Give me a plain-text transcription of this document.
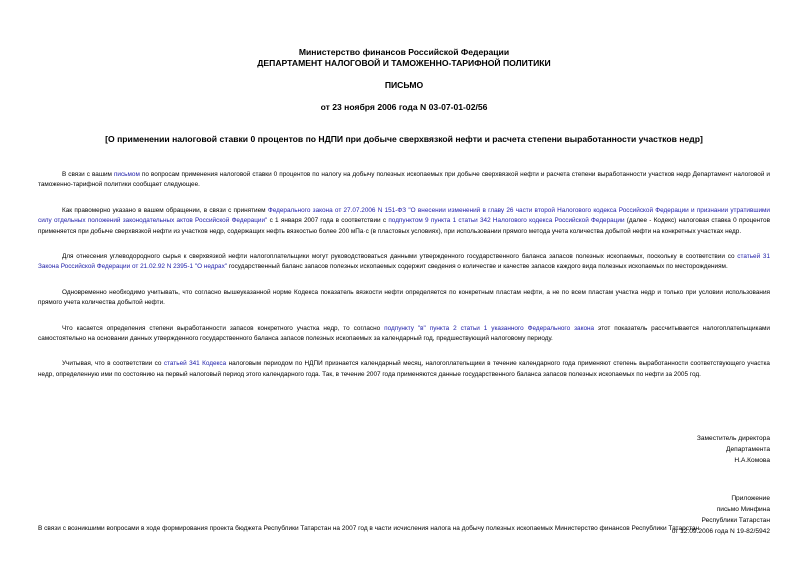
Министерство финансов Российской Федерации
ДЕПАРТАМЕНТ НАЛОГОВОЙ И ТАМОЖЕННО-ТАРИФНОЙ ПОЛИТИКИ
ПИСЬМО
от 23 ноября 2006 года N 03-07-01-02/56
[О применении налоговой ставки 0 процентов по НДПИ при добыче сверхвязкой нефти и расчета степени выработанности участков недр]

В связи с вашим письмом по вопросам применения налоговой ставки 0 процентов по налогу на добычу полезных ископаемых при добыче сверхвязкой нефти и расчета степени выработанности участков недр Департамент налоговой и таможенно-тарифной политики сообщает следующее.

Как правомерно указано в вашем обращении, в связи с принятием Федерального закона от 27.07.2006 N 151-ФЗ "О внесении изменений в главу 26 части второй Налогового кодекса Российской Федерации и признании утратившими силу отдельных положений законодательных актов Российской Федерации" с 1 января 2007 года в соответствии с подпунктом 9 пункта 1 статьи 342 Налогового кодекса Российской Федерации (далее - Кодекс) налоговая ставка 0 процентов применяется при добыче сверхвязкой нефти из участков недр, содержащих нефть вязкостью более 200 мПа·с (в пластовых условиях), при использовании прямого метода учета количества добытой нефти на конкретных участках недр.

Для отнесения углеводородного сырья к сверхвязкой нефти налогоплательщики могут руководствоваться данными утвержденного государственного баланса запасов полезных ископаемых, поскольку в соответствии со статьей 31 Закона Российской Федерации от 21.02.92 N 2395-1 "О недрах" государственный баланс запасов полезных ископаемых содержит сведения о количестве и качестве запасов каждого вида полезных ископаемых по месторождениям.

Одновременно необходимо учитывать, что согласно вышеуказанной норме Кодекса показатель вязкости нефти определяется по конкретным пластам нефти, а не по всем пластам участка недр и только при условии использования прямого учета количества добытой нефти.

Что касается определения степени выработанности запасов конкретного участка недр, то согласно подпункту "в" пункта 2 статьи 1 указанного Федерального закона этот показатель рассчитывается налогоплательщиками самостоятельно на основании данных утвержденного государственного баланса запасов полезных ископаемых за календарный год, предшествующий налоговому периоду.

Учитывая, что в соответствии со статьей 341 Кодекса налоговым периодом по НДПИ признается календарный месяц, налогоплательщики в течение календарного года применяют степень выработанности соответствующего участка недр, определенную ими по состоянию на первый налоговый период этого календарного года. Так, в течение 2007 года применяются данные государственного баланса запасов полезных ископаемых по нефти за 2005 год.

Заместитель директора
Департамента
Н.А.Комова
Приложение
письмо Минфина
Республики Татарстан
от 12.09.2006 года N 19-82/5942
В связи с возникшими вопросами в ходе формирования проекта бюджета Республики Татарстан на 2007 год в части исчисления налога на добычу полезных ископаемых Министерство финансов Республики Татарстан
